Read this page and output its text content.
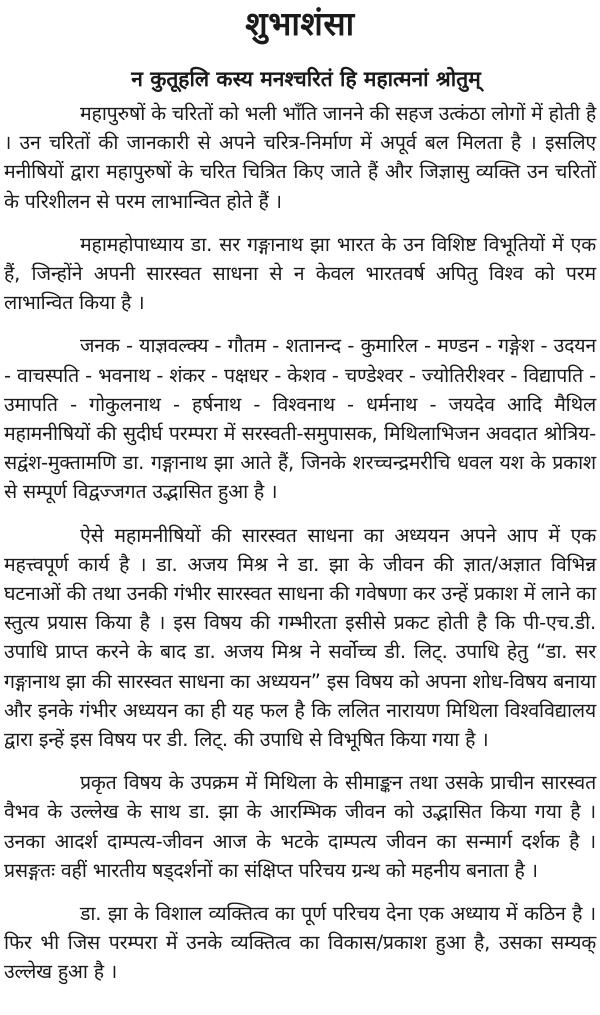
शुभाशंसा
न कुतूहलि कस्य मनश्चरितं हि महात्मनां श्रोतुम्

महापुरुषों के चरितों को भली भाँति जानने की सहज उत्कंठा लोगों में होती है । उन चरितों की जानकारी से अपने चरित्र-निर्माण में अपूर्व बल मिलता है । इसलिए मनीषियों द्वारा महापुरुषों के चरित चित्रित किए जाते हैं और जिज्ञासु व्यक्ति उन चरितों के परिशीलन से परम लाभान्वित होते हैं ।

महामहोपाध्याय डा. सर गङ्गानाथ झा भारत के उन विशिष्ट विभूतियों में एक हैं, जिन्होंने अपनी सारस्वत साधना से न केवल भारतवर्ष अपितु विश्व को परम लाभान्वित किया है ।

जनक - याज्ञवल्क्य - गौतम - शतानन्द - कुमारिल - मण्डन - गङ्गेश - उदयन - वाचस्पति - भवनाथ - शंकर - पक्षधर - केशव - चण्डेश्वर - ज्योतिरीश्वर - विद्यापति - उमापति - गोकुलनाथ - हर्षनाथ - विश्वनाथ - धर्मनाथ - जयदेव आदि मैथिल महामनीषियों की सुदीर्घ परम्परा में सरस्वती-समुपासक, मिथिलाभिजन अवदात श्रोत्रिय-सद्वंश-मुक्तामणि डा. गङ्गानाथ झा आते हैं, जिनके शरच्चन्द्रमरीचि धवल यश के प्रकाश से सम्पूर्ण विद्वज्जगत उद्भासित हुआ है ।

ऐसे महामनीषियों की सारस्वत साधना का अध्ययन अपने आप में एक महत्त्वपूर्ण कार्य है । डा. अजय मिश्र ने डा. झा के जीवन की ज्ञात/अज्ञात विभिन्न घटनाओं की तथा उनकी गंभीर सारस्वत साधना की गवेषणा कर उन्हें प्रकाश में लाने का स्तुत्य प्रयास किया है । इस विषय की गम्भीरता इसीसे प्रकट होती है कि पी-एच.डी. उपाधि प्राप्त करने के बाद डा. अजय मिश्र ने सर्वोच्च डी. लिट्. उपाधि हेतु “डा. सर गङ्गानाथ झा की सारस्वत साधना का अध्ययन” इस विषय को अपना शोध-विषय बनाया और इनके गंभीर अध्ययन का ही यह फल है कि ललित नारायण मिथिला विश्वविद्यालय द्वारा इन्हें इस विषय पर डी. लिट्. की उपाधि से विभूषित किया गया है ।

प्रकृत विषय के उपक्रम में मिथिला के सीमाङ्कन तथा उसके प्राचीन सारस्वत वैभव के उल्लेख के साथ डा. झा के आरम्भिक जीवन को उद्भासित किया गया है । उनका आदर्श दाम्पत्य-जीवन आज के भटके दाम्पत्य जीवन का सन्मार्ग दर्शक है । प्रसङ्गतः वहीं भारतीय षड्दर्शनों का संक्षिप्त परिचय ग्रन्थ को महनीय बनाता है ।

डा. झा के विशाल व्यक्तित्व का पूर्ण परिचय देना एक अध्याय में कठिन है । फिर भी जिस परम्परा में उनके व्यक्तित्व का विकास/प्रकाश हुआ है, उसका सम्यक् उल्लेख हुआ है ।
